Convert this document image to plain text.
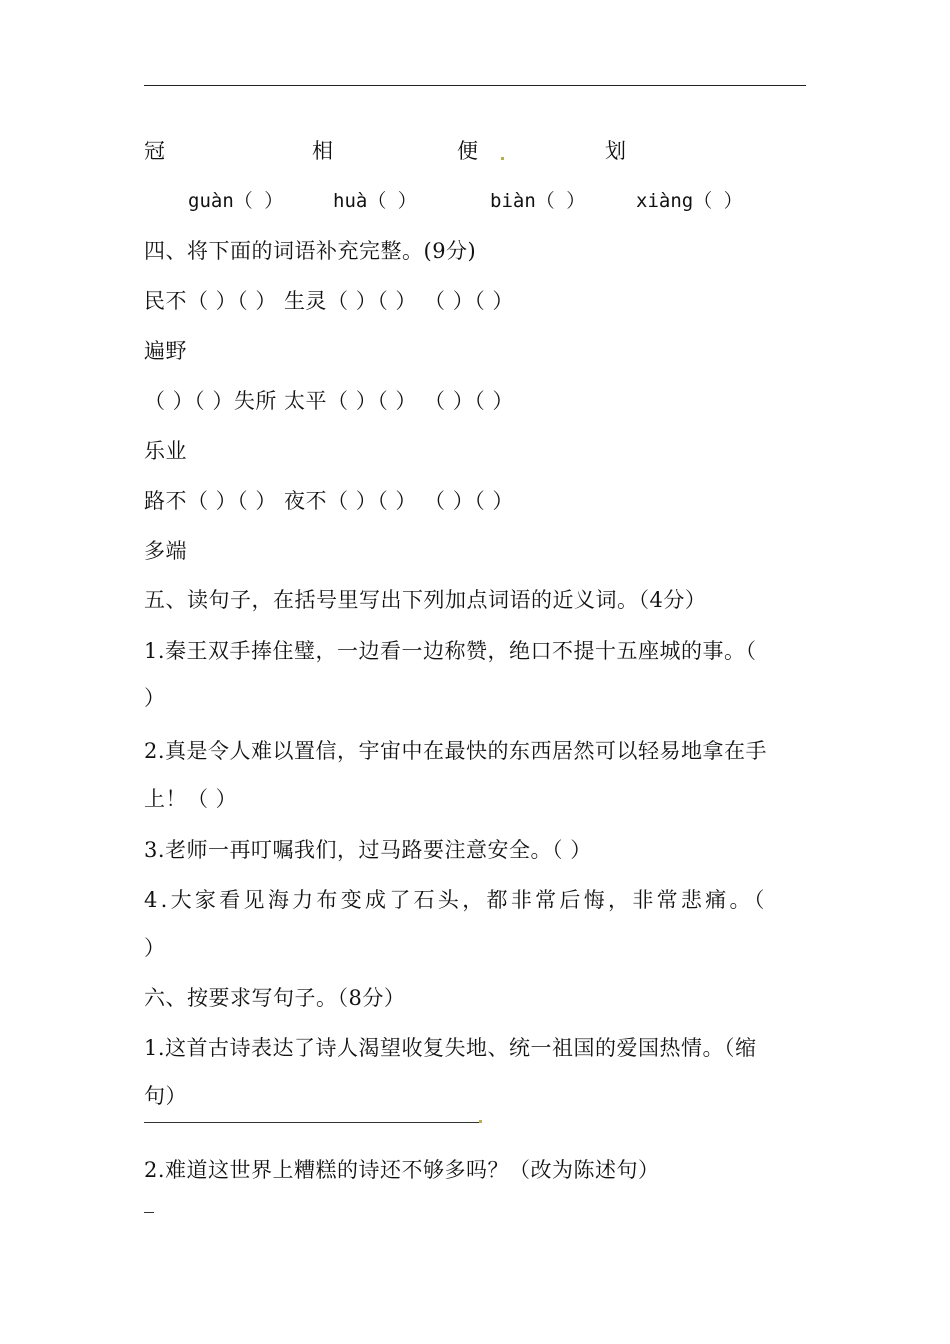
冠	相	便	划
guàn（ ）	huà（ ）	biàn（ ）	xiàng（ ）
四、将下面的词语补充完整。(9分)
民不（ ）（ ） 生灵（ ）（ ） （ ）（ ）
遍野
（ ）（ ）失所 太平（ ）（ ） （ ）（ ）
乐业
路不（ ）（ ） 夜不（ ）（ ） （ ）（ ）
多端
五、读句子，在括号里写出下列加点词语的近义词。（4分）
1.秦王双手捧住璧，一边看一边称赞，绝口不提十五座城的事。（
）
2.真是令人难以置信，宇宙中在最快的东西居然可以轻易地拿在手
上！（ ）
3.老师一再叮嘱我们，过马路要注意安全。（ ）
4.大家看见海力布变成了石头，都非常后悔，非常悲痛。（
）
六、按要求写句子。（8分）
1.这首古诗表达了诗人渴望收复失地、统一祖国的爱国热情。（缩
句）
2.难道这世界上糟糕的诗还不够多吗？（改为陈述句）
